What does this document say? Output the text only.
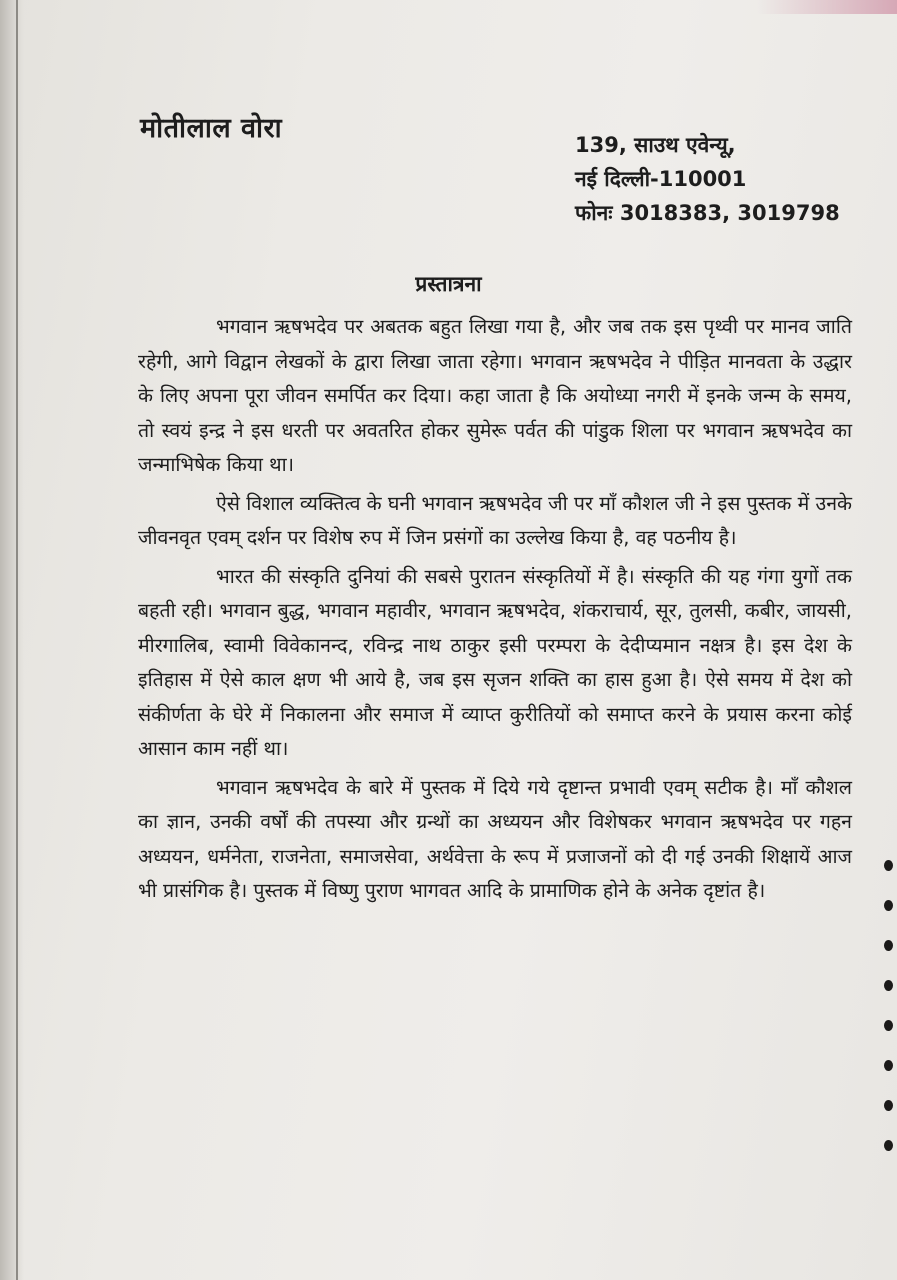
मोतीलाल वोरा
139, साउथ एवेन्यू,
नई दिल्ली-110001
फोनः 3018383, 3019798
प्रस्तात्रना

भगवान ऋषभदेव पर अबतक बहुत लिखा गया है, और जब तक इस पृथ्वी पर मानव जाति रहेगी, आगे विद्वान लेखकों के द्वारा लिखा जाता रहेगा। भगवान ऋषभदेव ने पीड़ित मानवता के उद्धार के लिए अपना पूरा जीवन समर्पित कर दिया। कहा जाता है कि अयोध्या नगरी में इनके जन्म के समय, तो स्वयं इन्द्र ने इस धरती पर अवतरित होकर सुमेरू पर्वत की पांडुक शिला पर भगवान ऋषभदेव का जन्माभिषेक किया था।

ऐसे विशाल व्यक्तित्व के घनी भगवान ऋषभदेव जी पर माँ कौशल जी ने इस पुस्तक में उनके जीवनवृत एवम् दर्शन पर विशेष रुप में जिन प्रसंगों का उल्लेख किया है, वह पठनीय है।

भारत की संस्कृति दुनियां की सबसे पुरातन संस्कृतियों में है। संस्कृति की यह गंगा युगों तक बहती रही। भगवान बुद्ध, भगवान महावीर, भगवान ऋषभदेव, शंकराचार्य, सूर, तुलसी, कबीर, जायसी, मीरगालिब, स्वामी विवेकानन्द, रविन्द्र नाथ ठाकुर इसी परम्परा के देदीप्यमान नक्षत्र है। इस देश के इतिहास में ऐसे काल क्षण भी आये है, जब इस सृजन शक्ति का हास हुआ है। ऐसे समय में देश को संकीर्णता के घेरे में निकालना और समाज में व्याप्त कुरीतियों को समाप्त करने के प्रयास करना कोई आसान काम नहीं था।

भगवान ऋषभदेव के बारे में पुस्तक में दिये गये दृष्टान्त प्रभावी एवम् सटीक है। माँ कौशल का ज्ञान, उनकी वर्षों की तपस्या और ग्रन्थों का अध्ययन और विशेषकर भगवान ऋषभदेव पर गहन अध्ययन, धर्मनेता, राजनेता, समाजसेवा, अर्थवेत्ता के रूप में प्रजाजनों को दी गई उनकी शिक्षायें आज भी प्रासंगिक है। पुस्तक में विष्णु पुराण भागवत आदि के प्रामाणिक होने के अनेक दृष्टांत है।
